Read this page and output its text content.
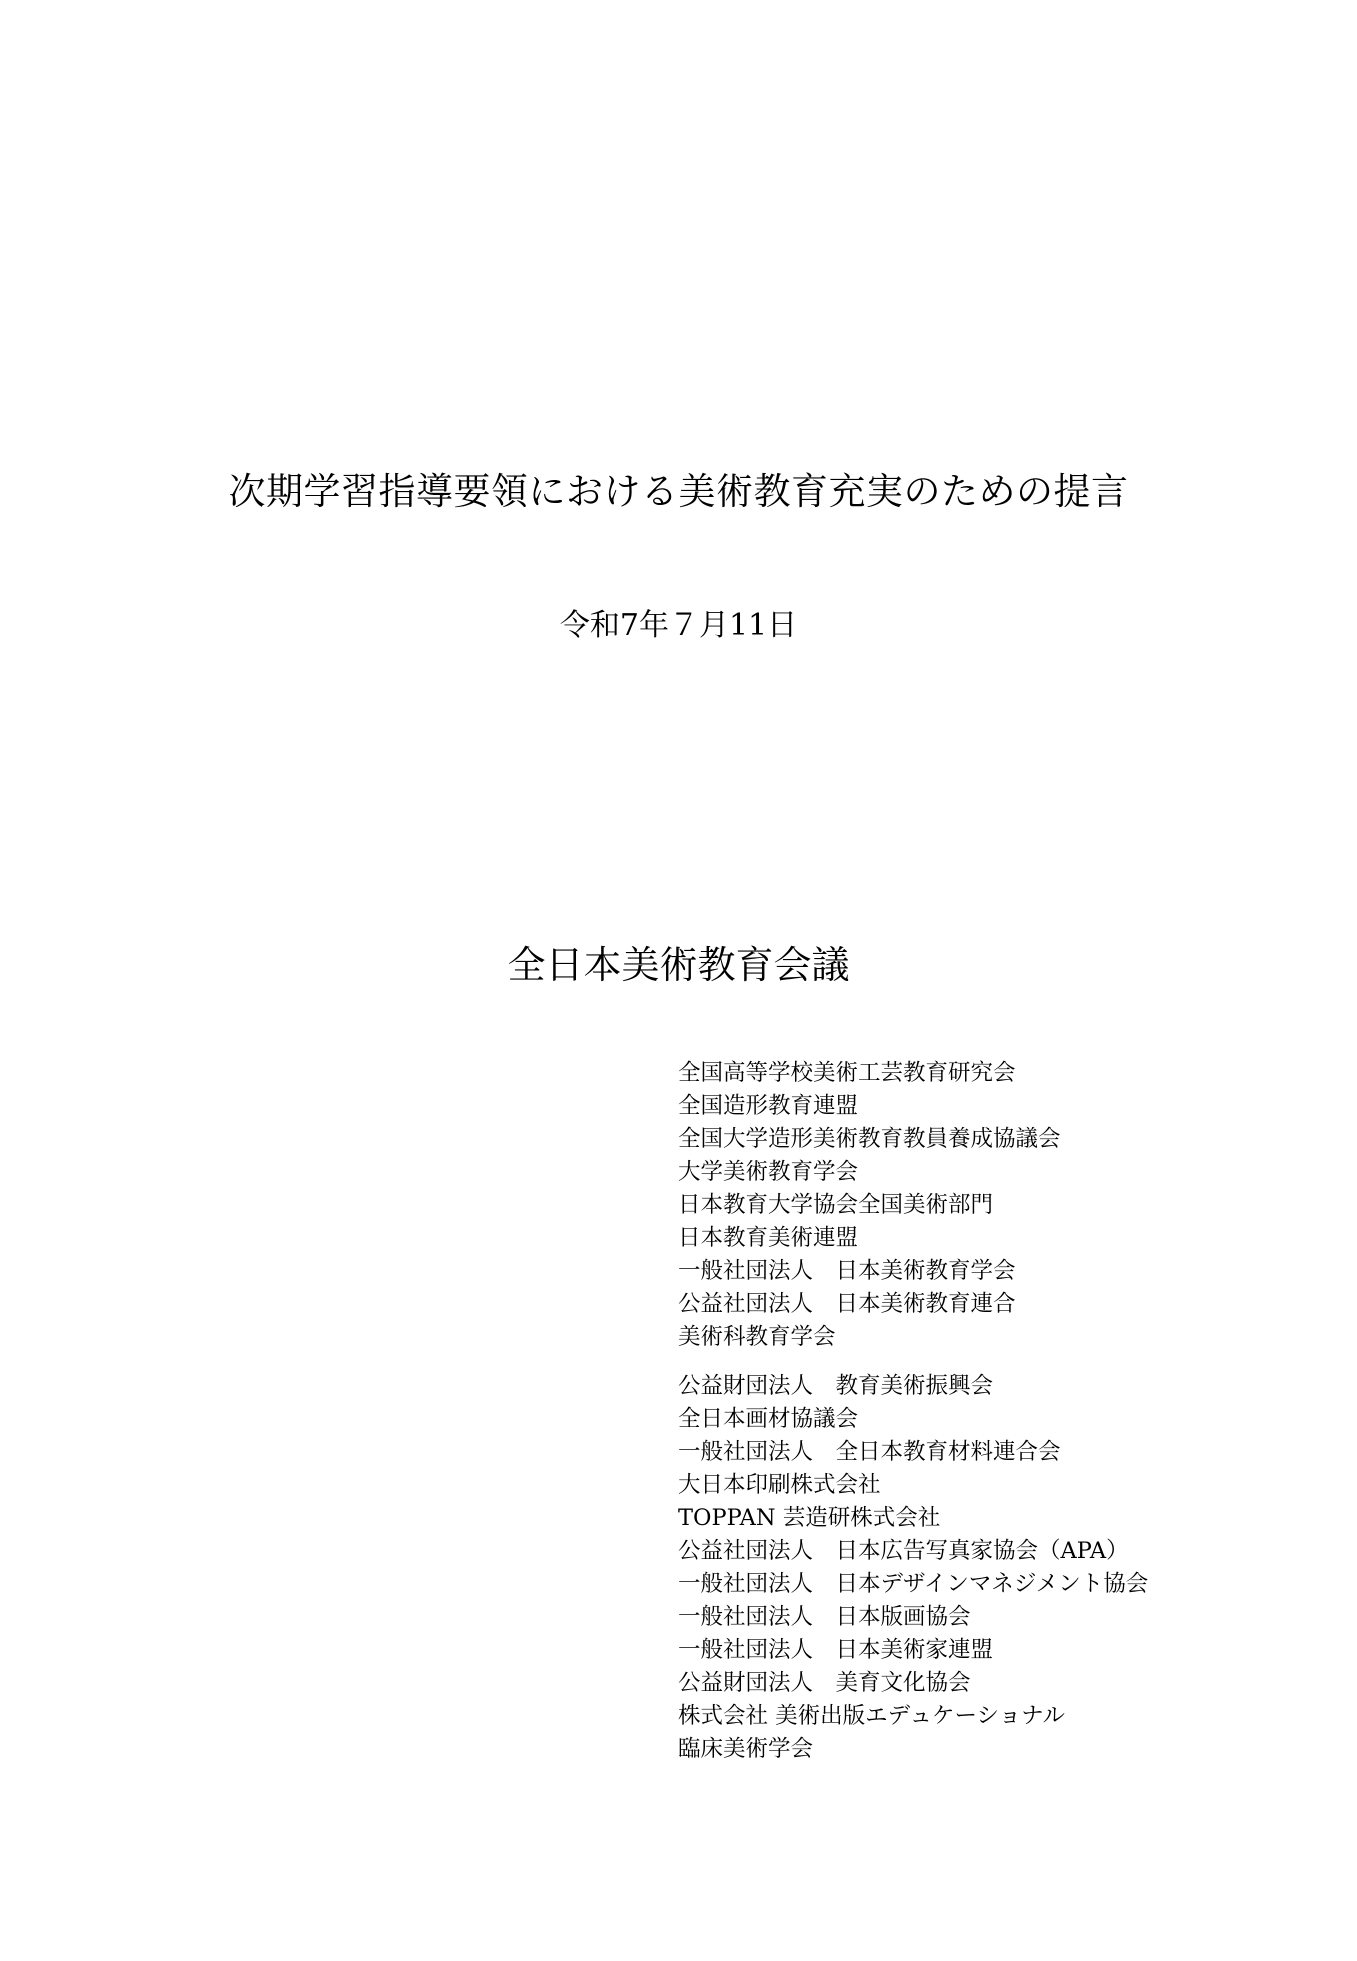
次期学習指導要領における美術教育充実のための提言
令和7年７月11日
全日本美術教育会議
全国高等学校美術工芸教育研究会
全国造形教育連盟
全国大学造形美術教育教員養成協議会
大学美術教育学会
日本教育大学協会全国美術部門
日本教育美術連盟
一般社団法人　日本美術教育学会
公益社団法人　日本美術教育連合
美術科教育学会
公益財団法人　教育美術振興会
全日本画材協議会
一般社団法人　全日本教育材料連合会
大日本印刷株式会社
TOPPAN 芸造研株式会社
公益社団法人　日本広告写真家協会（APA）
一般社団法人　日本デザインマネジメント協会
一般社団法人　日本版画協会
一般社団法人　日本美術家連盟
公益財団法人　美育文化協会
株式会社 美術出版エデュケーショナル
臨床美術学会
